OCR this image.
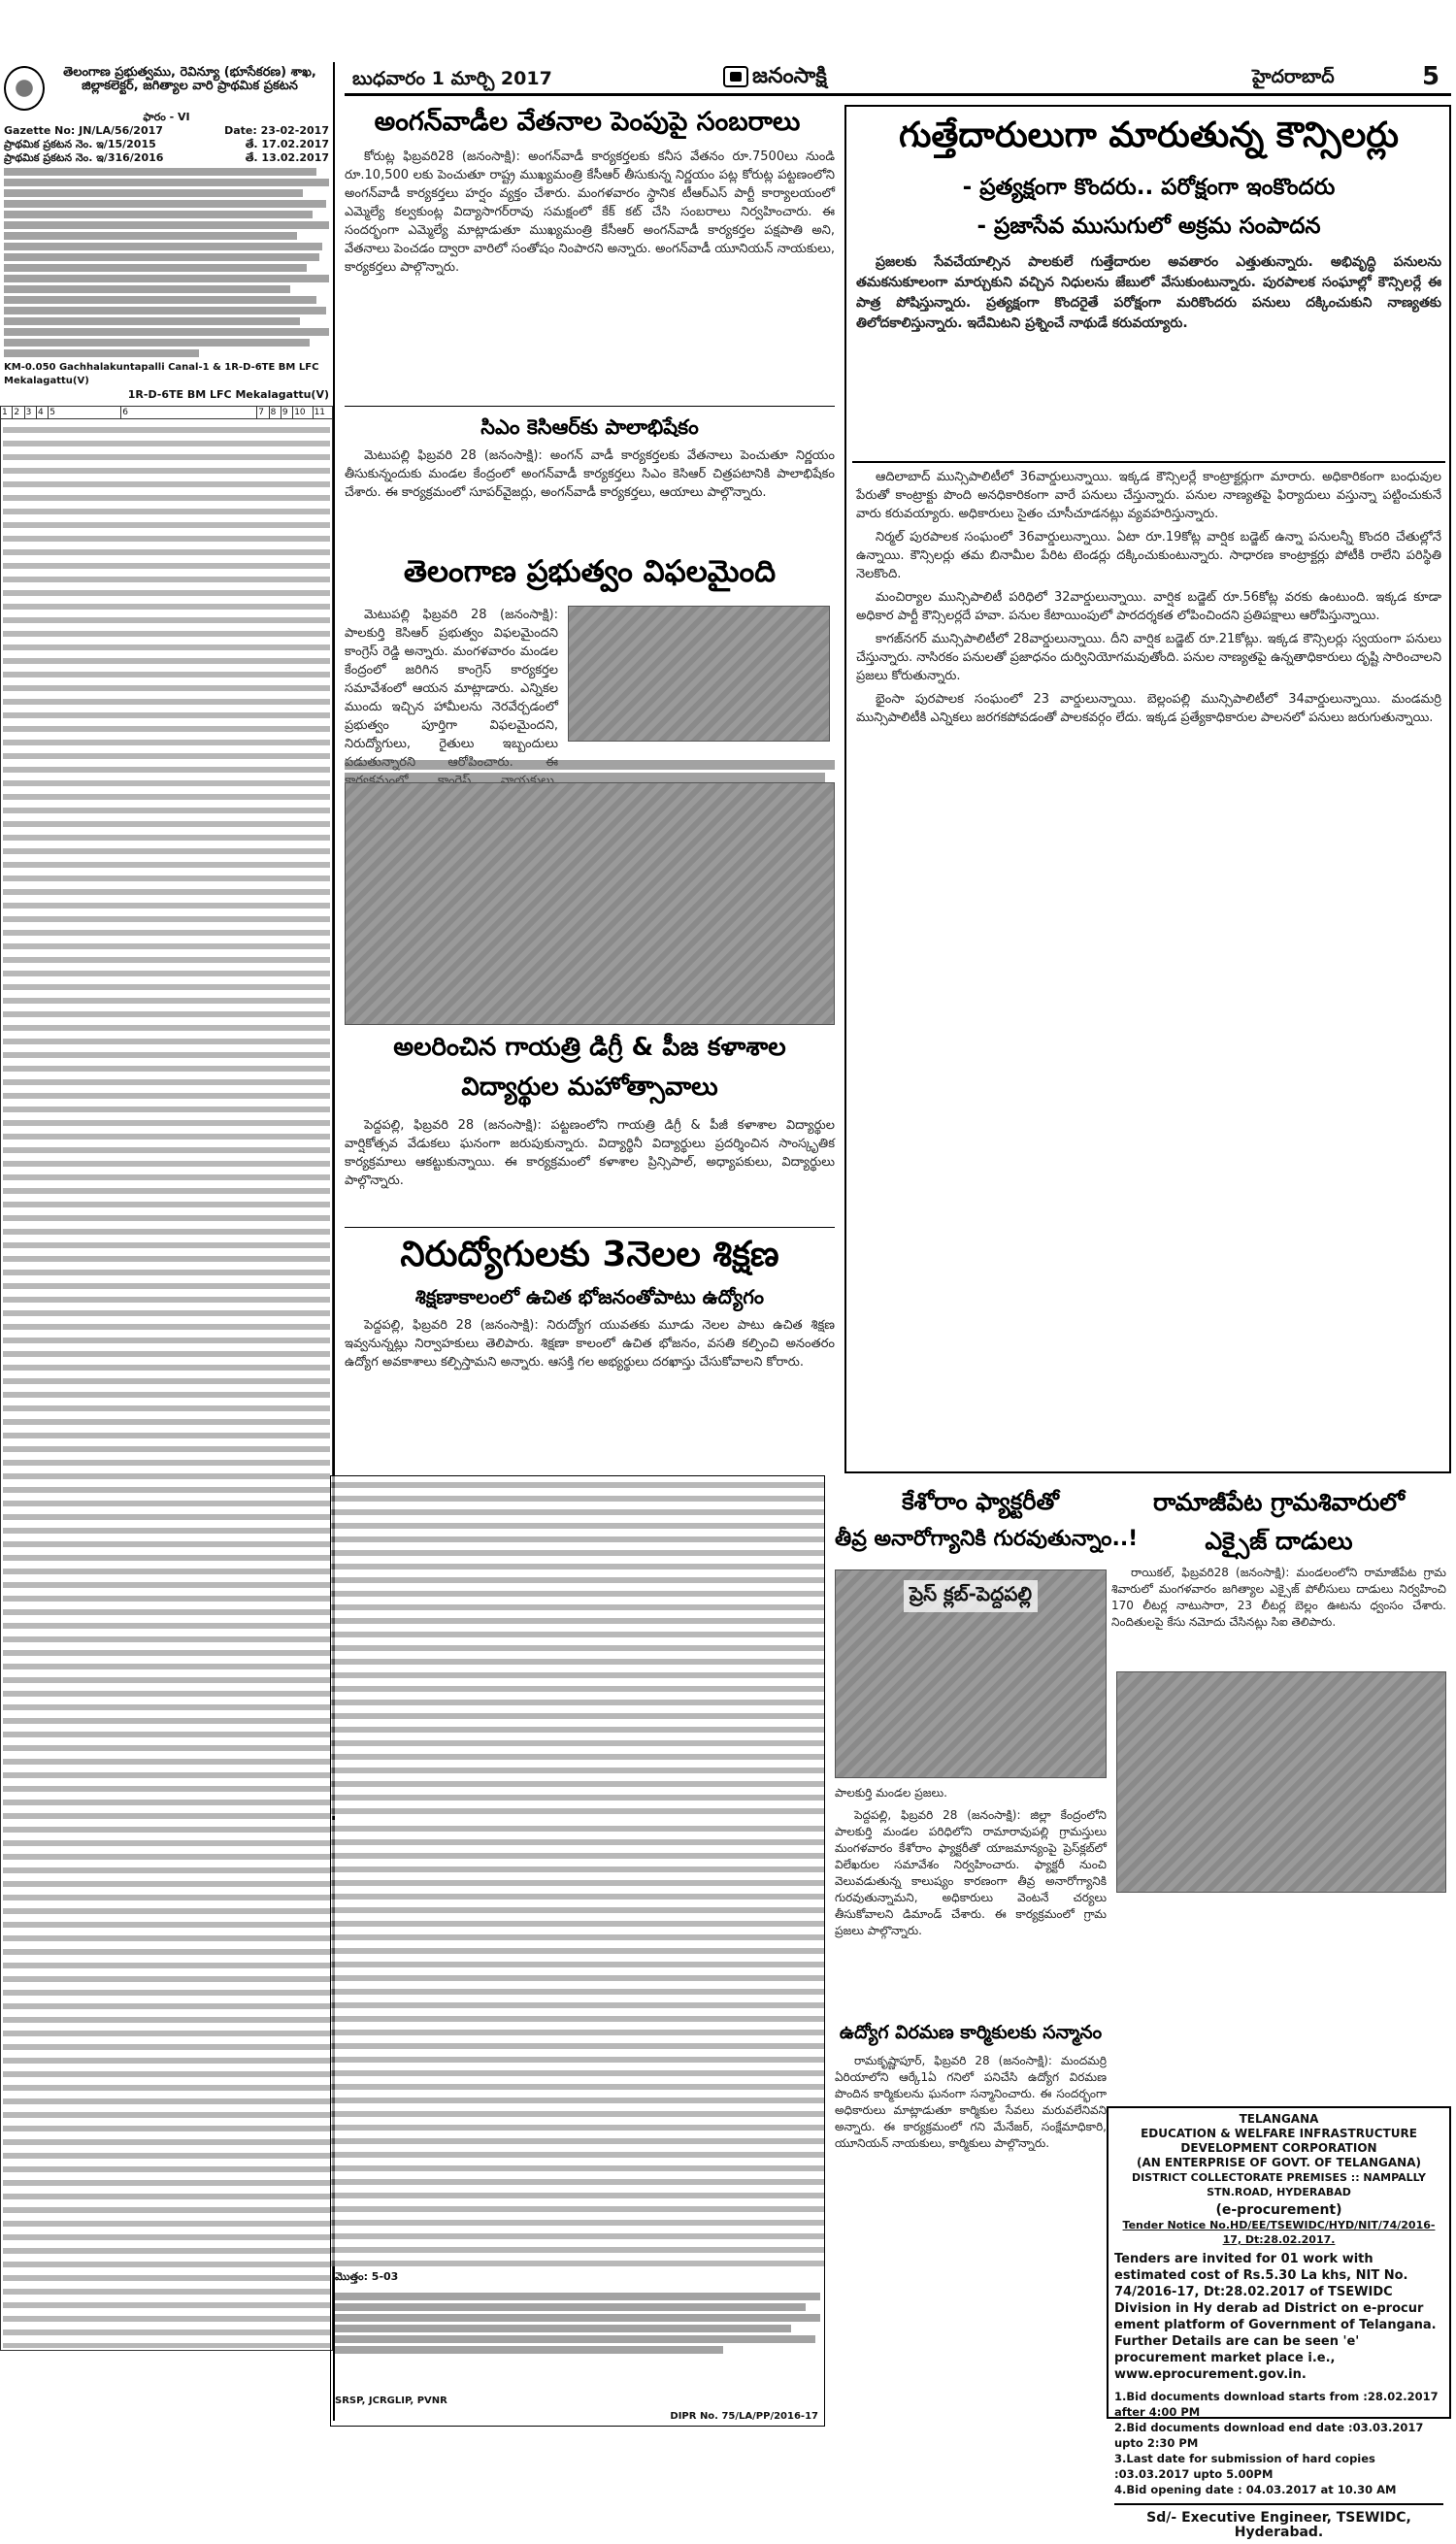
బుధవారం 1 మార్చి 2017	జనంసాక్షి	హైదరాబాద్	5
తెలంగాణ ప్రభుత్వము, రెవిన్యూ (భూసేకరణ) శాఖ, జిల్లాకలెక్టర్, జగిత్యాల వారి ప్రాథమిక ప్రకటన
ఫారం - VI
Gazette No: JN/LA/56/2017	Date: 23-02-2017
ప్రాథమిక ప్రకటన నెం. ఇ/15/2015	తే. 17.02.2017
ప్రాథమిక ప్రకటన నెం. ఇ/316/2016	తే. 13.02.2017
KM-0.050 Gachhalakuntapalli Canal-1 & 1R-D-6TE BM LFC Mekalagattu(V)
1R-D-6TE BM LFC Mekalagattu(V)
1	2	3	4	5	6	7	8	9	10	11

అంగన్‌వాడీల వేతనాల పెంపుపై సంబరాలు

కోరుట్ల ఫిబ్రవరి28 (జనంసాక్షి): అంగన్‌వాడీ కార్యకర్తలకు కనీస వేతనం రూ.7500లు నుండి రూ.10,500 లకు పెంచుతూ రాష్ట్ర ముఖ్యమంత్రి కేసీఆర్ తీసుకున్న నిర్ణయం పట్ల కోరుట్ల పట్టణంలోని అంగన్‌వాడీ కార్యకర్తలు హర్షం వ్యక్తం చేశారు. మంగళవారం స్థానిక టీఆర్ఎస్ పార్టీ కార్యాలయంలో ఎమ్మెల్యే కల్వకుంట్ల విద్యాసాగర్‌రావు సమక్షంలో కేక్ కట్ చేసి సంబరాలు నిర్వహించారు. ఈ సందర్భంగా ఎమ్మెల్యే మాట్లాడుతూ ముఖ్యమంత్రి కేసీఆర్ అంగన్‌వాడీ కార్యకర్తల పక్షపాతి అని, వేతనాలు పెంచడం ద్వారా వారిలో సంతోషం నింపారని అన్నారు. అంగన్‌వాడీ యూనియన్ నాయకులు, కార్యకర్తలు పాల్గొన్నారు.

సిఎం కెసిఆర్‌కు పాలాభిషేకం

మెటుపల్లి ఫిబ్రవరి 28 (జనంసాక్షి): అంగన్ వాడీ కార్యకర్తలకు వేతనాలు పెంచుతూ నిర్ణయం తీసుకున్నందుకు మండల కేంద్రంలో అంగన్‌వాడీ కార్యకర్తలు సిఎం కెసిఆర్ చిత్రపటానికి పాలాభిషేకం చేశారు. ఈ కార్యక్రమంలో సూపర్‌వైజర్లు, అంగన్‌వాడీ కార్యకర్తలు, ఆయాలు పాల్గొన్నారు.

తెలంగాణ ప్రభుత్వం విఫలమైంది

మెటుపల్లి ఫిబ్రవరి 28 (జనంసాక్షి): పాలకుర్తి కెసిఆర్ ప్రభుత్వం విఫలమైందని కాంగ్రెస్ రెడ్డి అన్నారు. మంగళవారం మండల కేంద్రంలో జరిగిన కాంగ్రెస్ కార్యకర్తల సమావేశంలో ఆయన మాట్లాడారు. ఎన్నికల ముందు ఇచ్చిన హామీలను నెరవేర్చడంలో ప్రభుత్వం పూర్తిగా విఫలమైందని, నిరుద్యోగులు, రైతులు ఇబ్బందులు

అలరించిన గాయత్రి డిగ్రీ & పీజ కళాశాల
విద్యార్థుల మహోత్సావాలు

పెద్దపల్లి, ఫిబ్రవరి 28 (జనంసాక్షి): పట్టణంలోని గాయత్రి డిగ్రీ & పీజీ కళాశాల విద్యార్థుల వార్షికోత్సవ వేడుకలు ఘనంగా జరుపుకున్నారు. విద్యార్థినీ విద్యార్థులు ప్రదర్శించిన సాంస్కృతిక కార్యక్రమాలు ఆకట్టుకున్నాయి. ఈ కార్యక్రమంలో కళాశాల ప్రిన్సిపాల్, అధ్యాపకులు, విద్యార్థులు పాల్గొన్నారు.

నిరుద్యోగులకు 3నెలల శిక్షణ
శిక్షణాకాలంలో ఉచిత భోజనంతోపాటు ఉద్యోగం

పెద్దపల్లి, ఫిబ్రవరి 28 (జనంసాక్షి): నిరుద్యోగ యువతకు మూడు నెలల పాటు ఉచిత శిక్షణ ఇవ్వనున్నట్లు నిర్వాహకులు తెలిపారు. శిక్షణా కాలంలో ఉచిత భోజనం, వసతి కల్పించి అనంతరం ఉద్యోగ అవకాశాలు కల్పిస్తామని అన్నారు. ఆసక్తి గల అభ్యర్థులు దరఖాస్తు చేసుకోవాలని కోరారు.

గుత్తేదారులుగా మారుతున్న కౌన్సిలర్లు
- ప్రత్యక్షంగా కొందరు.. పరోక్షంగా ఇంకొందరు
- ప్రజాసేవ ముసుగులో అక్రమ సంపాదన

ప్రజలకు సేవచేయాల్సిన పాలకులే గుత్తేదారుల అవతారం ఎత్తుతున్నారు. అభివృద్ధి పనులను తమకనుకూలంగా మార్చుకుని వచ్చిన నిధులను జేబులో వేసుకుంటున్నారు. పురపాలక సంఘాల్లో కౌన్సిలర్లే ఈ పాత్ర పోషిస్తున్నారు. ప్రత్యక్షంగా కొందరైతే పరోక్షంగా మరికొందరు పనులు దక్కించుకుని నాణ్యతకు తిలోదకాలిస్తున్నారు. ఇదేమిటని ప్రశ్నించే నాథుడే కరువయ్యారు.

ఆదిలాబాద్ మున్సిపాలిటీలో 36వార్డులున్నాయి. ఇక్కడ కౌన్సిలర్లే కాంట్రాక్టర్లుగా మారారు. అధికారికంగా బంధువుల పేరుతో కాంట్రాక్టు పొంది అనధికారికంగా వారే పనులు చేస్తున్నారు. పనుల నాణ్యతపై ఫిర్యాదులు వస్తున్నా పట్టించుకునే వారు కరువయ్యారు. అధికారులు సైతం చూసీచూడనట్లు వ్యవహరిస్తున్నారు.

నిర్మల్ పురపాలక సంఘంలో 36వార్డులున్నాయి. ఏటా రూ.19కోట్ల వార్షిక బడ్జెట్ ఉన్నా పనులన్నీ కొందరి చేతుల్లోనే ఉన్నాయి. కౌన్సిలర్లు తమ బినామీల పేరిట టెండర్లు దక్కించుకుంటున్నారు. సాధారణ కాంట్రాక్టర్లు పోటీకి రాలేని పరిస్థితి నెలకొంది.

మంచిర్యాల మున్సిపాలిటీ పరిధిలో 32వార్డులున్నాయి. వార్షిక బడ్జెట్ రూ.56కోట్ల వరకు ఉంటుంది. ఇక్కడ కూడా అధికార పార్టీ కౌన్సిలర్లదే హవా. పనుల కేటాయింపులో పారదర్శకత లోపించిందని ప్రతిపక్షాలు ఆరోపిస్తున్నాయి.

కాగజ్‌నగర్ మున్సిపాలిటీలో 28వార్డులున్నాయి. దీని వార్షిక బడ్జెట్ రూ.21కోట్లు. ఇక్కడ కౌన్సిలర్లు స్వయంగా పనులు చేస్తున్నారు. నాసిరకం పనులతో ప్రజాధనం దుర్వినియోగమవుతోంది. పనుల నాణ్యతపై ఉన్నతాధికారులు దృష్టి సారించాలని ప్రజలు కోరుతున్నారు.

భైంసా పురపాలక సంఘంలో 23 వార్డులున్నాయి. బెల్లంపల్లి మున్సిపాలిటీలో 34వార్డులున్నాయి. మండమర్రి మున్సిపాలిటీకి ఎన్నికలు జరగకపోవడంతో పాలకవర్గం లేదు. ఇక్కడ ప్రత్యేకాధికారుల పాలనలో పనులు జరుగుతున్నాయి.

మొత్తం: 5-03
SRSP, JCRGLIP, PVNR
DIPR No. 75/LA/PP/2016-17
కేశోరాం ఫ్యాక్టరీతో
తీవ్ర అనారోగ్యానికి గురవుతున్నాం..!
ప్రెస్ క్లబ్-పెద్దపల్లి
పాలకుర్తి మండల ప్రజలు.

పెద్దపల్లి, ఫిబ్రవరి 28 (జనంసాక్షి): జిల్లా కేంద్రంలోని పాలకుర్తి మండల పరిధిలోని రామారావుపల్లి గ్రామస్తులు మంగళవారం కేశోరాం ఫ్యాక్టరీతో యాజమాన్యంపై ప్రెస్‌క్లబ్‌లో విలేఖరుల సమావేశం నిర్వహించారు. ఫ్యాక్టరీ నుంచి వెలువడుతున్న కాలుష్యం కారణంగా తీవ్ర అనారోగ్యానికి గురవుతున్నామని, అధికారులు వెంటనే చర్యలు తీసుకోవాలని డిమాండ్ చేశారు. ఈ కార్యక్రమంలో గ్రామ ప్రజలు పాల్గొన్నారు.

ఉద్యోగ విరమణ కార్మికులకు సన్మానం

రామకృష్ణాపూర్, ఫిబ్రవరి 28 (జనంసాక్షి): మందమర్రి ఏరియాలోని ఆర్కే1ఏ గనిలో పనిచేసి ఉద్యోగ విరమణ పొందిన కార్మికులను ఘనంగా సన్మానించారు. ఈ సందర్భంగా అధికారులు మాట్లాడుతూ కార్మికుల సేవలు మరువలేనివని అన్నారు. ఈ కార్యక్రమంలో గని మేనేజర్, సంక్షేమాధికారి, యూనియన్ నాయకులు, కార్మికులు పాల్గొన్నారు.

రామాజీపేట గ్రామశివారులో
ఎక్సైజ్ దాడులు

రాయికల్, ఫిబ్రవరి28 (జనంసాక్షి): మండలంలోని రామాజీపేట గ్రామ శివారులో మంగళవారం జగిత్యాల ఎక్సైజ్ పోలీసులు దాడులు నిర్వహించి 170 లీటర్ల నాటుసారా, 23 లీటర్ల బెల్లం ఊటను ధ్వంసం చేశారు. నిందితులపై కేసు నమోదు చేసినట్లు సిఐ తెలిపారు.

TELANGANA
EDUCATION & WELFARE INFRASTRUCTURE DEVELOPMENT CORPORATION
(AN ENTERPRISE OF GOVT. OF TELANGANA)
DISTRICT COLLECTORATE PREMISES :: NAMPALLY STN.ROAD, HYDERABAD
(e-procurement)
Tender Notice No.HD/EE/TSEWIDC/HYD/NIT/74/2016-17, Dt:28.02.2017.
Tenders are invited for 01 work with estimated cost of Rs.5.30 La khs, NIT No. 74/2016-17, Dt:28.02.2017 of TSEWIDC Division in Hy derab ad District on e-procur ement platform of Government of Telangana. Further Details are can be seen 'e' procurement market place i.e., www.eprocurement.gov.in.
1.Bid documents download starts from :28.02.2017 after 4:00 PM
2.Bid documents download end date :03.03.2017 upto 2:30 PM
3.Last date for submission of hard copies :03.03.2017 upto 5.00PM
4.Bid opening date : 04.03.2017 at 10.30 AM
Sd/- Executive Engineer, TSEWIDC, Hyderabad.
